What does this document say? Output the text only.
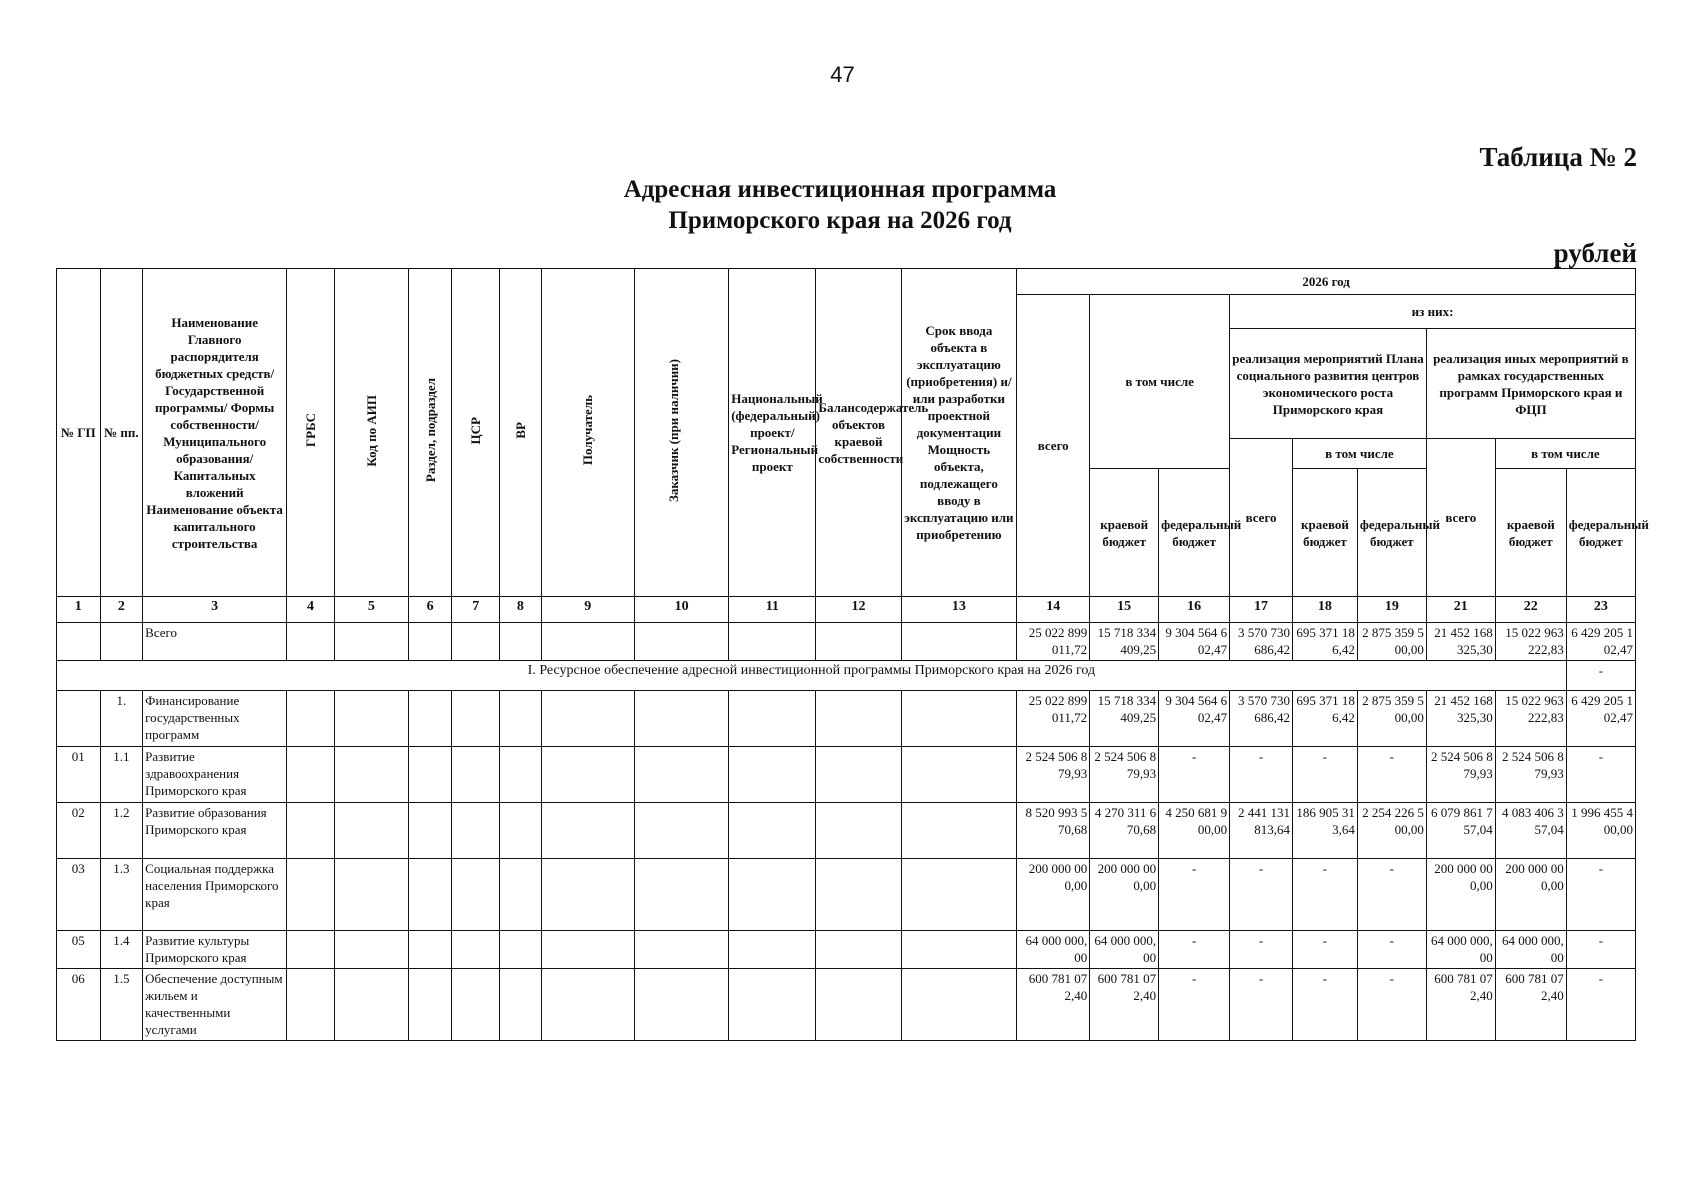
47
Таблица № 2
Адресная инвестиционная программа
Приморского края на 2026 год
рублей
№ ГП	№ пп.	Наименование Главного распорядителя бюджетных средств/Государственной программы/ Формы собственности/Муниципального образования/Капитальных вложений Наименование объекта капитального строительства	ГРБС	Код по АИП	Раздел, подраздел	ЦСР	ВР	Получатель	Заказчик (при наличии)	Национальный (федеральный) проект/ Региональный проект	Балансодержатель объектов краевой собственности	Срок ввода объекта в эксплуатацию (приобретения) и/или разработки проектной документации Мощность объекта, подлежащего вводу в эксплуатацию или приобретению	2026 год								
													всего	в том числе		из них:					
																реализация мероприятий Плана социального развития центров экономического роста Приморского края			реализация иных мероприятий в рамках государственных программ Приморского края и ФЦП		
																всего	в том числе		всего	в том числе	
														краевой бюджет	федеральный бюджет		краевой бюджет	федеральный бюджет		краевой бюджет	федеральный бюджет
1	2	3	4	5	6	7	8	9	10	11	12	13	14	15	16	17	18	19	21	22	23
		Всего											25 022 899 011,72	15 718 334 409,25	9 304 564 602,47	3 570 730 686,42	695 371 186,42	2 875 359 500,00	21 452 168 325,30	15 022 963 222,83	6 429 205 102,47
I. Ресурсное обеспечение адресной инвестиционной программы Приморского края на 2026 год																					-
	1.	Финансирование государственных программ											25 022 899 011,72	15 718 334 409,25	9 304 564 602,47	3 570 730 686,42	695 371 186,42	2 875 359 500,00	21 452 168 325,30	15 022 963 222,83	6 429 205 102,47
01	1.1	Развитие здравоохранения Приморского края											2 524 506 879,93	2 524 506 879,93	-	-	-	-	2 524 506 879,93	2 524 506 879,93	-
02	1.2	Развитие образования Приморского края											8 520 993 570,68	4 270 311 670,68	4 250 681 900,00	2 441 131 813,64	186 905 313,64	2 254 226 500,00	6 079 861 757,04	4 083 406 357,04	1 996 455 400,00
03	1.3	Социальная поддержка населения Приморского края											200 000 000,00	200 000 000,00	-	-	-	-	200 000 000,00	200 000 000,00	-
05	1.4	Развитие культуры Приморского края											64 000 000,00	64 000 000,00	-	-	-	-	64 000 000,00	64 000 000,00	-
06	1.5	Обеспечение доступным жильем и качественными услугами											600 781 072,40	600 781 072,40	-	-	-	-	600 781 072,40	600 781 072,40	-
